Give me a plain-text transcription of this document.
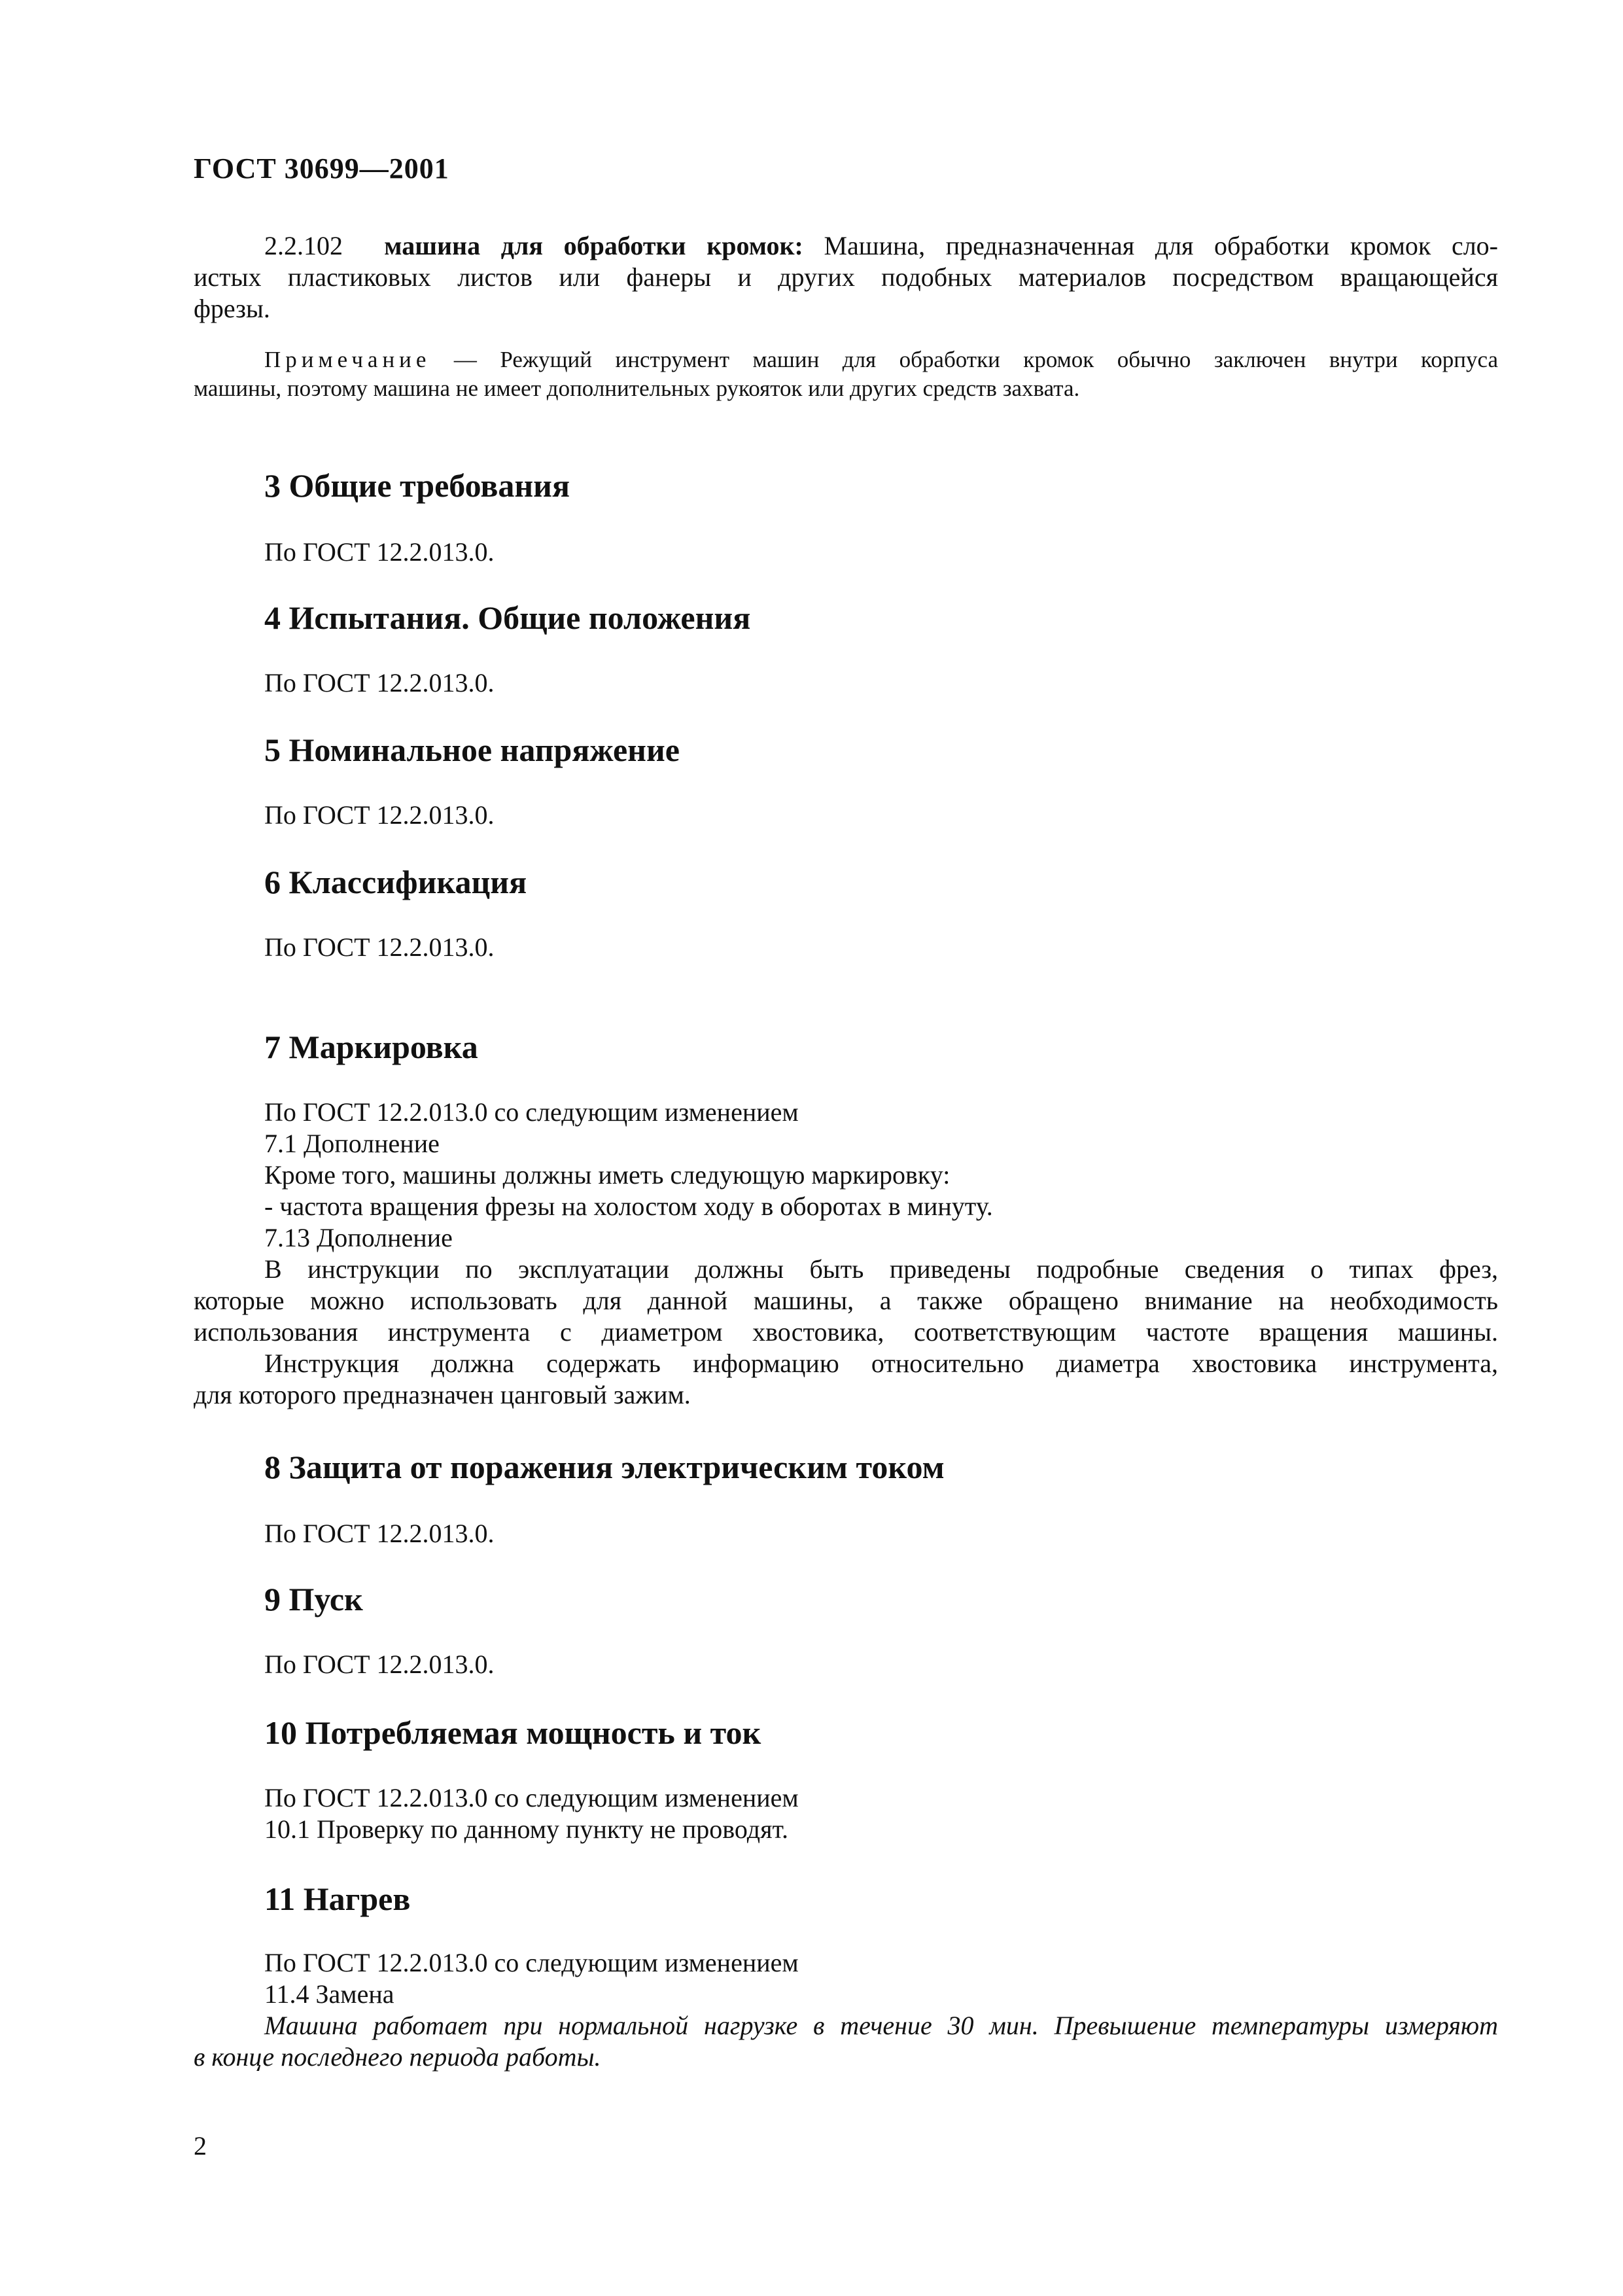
ГОСТ 30699—2001
2.2.102 машина для обработки кромок: Машина, предназначенная для обработки кромок сло-
истых пластиковых листов или фанеры и других подобных материалов посредством вращающейся
фрезы.
Примечание — Режущий инструмент машин для обработки кромок обычно заключен внутри корпуса
машины, поэтому машина не имеет дополнительных рукояток или других средств захвата.
3 Общие требования
По ГОСТ 12.2.013.0.
4 Испытания. Общие положения
По ГОСТ 12.2.013.0.
5 Номинальное напряжение
По ГОСТ 12.2.013.0.
6 Классификация
По ГОСТ 12.2.013.0.
7 Маркировка
По ГОСТ 12.2.013.0 со следующим изменением
7.1 Дополнение
Кроме того, машины должны иметь следующую маркировку:
- частота вращения фрезы на холостом ходу в оборотах в минуту.
7.13 Дополнение
В инструкции по эксплуатации должны быть приведены подробные сведения о типах фрез,
которые можно использовать для данной машины, а также обращено внимание на необходимость
использования инструмента с диаметром хвостовика, соответствующим частоте вращения машины.
Инструкция должна содержать информацию относительно диаметра хвостовика инструмента,
для которого предназначен цанговый зажим.
8 Защита от поражения электрическим током
По ГОСТ 12.2.013.0.
9 Пуск
По ГОСТ 12.2.013.0.
10 Потребляемая мощность и ток
По ГОСТ 12.2.013.0 со следующим изменением
10.1 Проверку по данному пункту не проводят.
11 Нагрев
По ГОСТ 12.2.013.0 со следующим изменением
11.4 Замена
Машина работает при нормальной нагрузке в течение 30 мин. Превышение температуры измеряют
в конце последнего периода работы.
2
